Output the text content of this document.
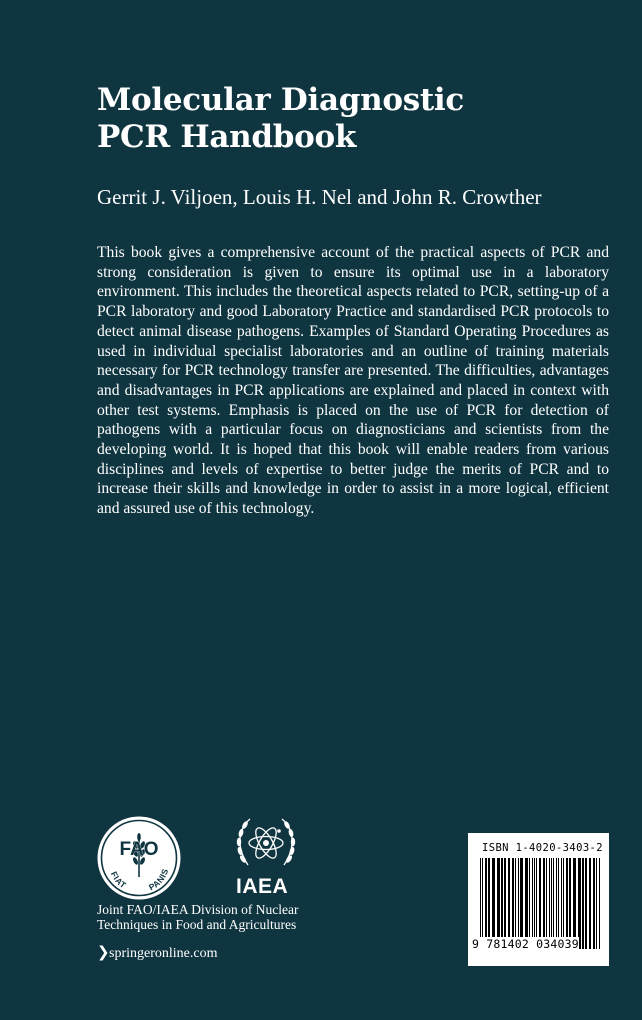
Molecular Diagnostic
PCR Handbook

Gerrit J. Viljoen, Louis H. Nel and John R. Crowther

This book gives a comprehensive account of the practical aspects of PCR and strong consideration is given to ensure its optimal use in a laboratory environment. This includes the theoretical aspects related to PCR, setting-up of a PCR laboratory and good Laboratory Practice and standardised PCR protocols to detect animal disease pathogens. Examples of Standard Operating Procedures as used in individual specialist laboratories and an outline of training materials necessary for PCR technology transfer are presented. The difficulties, advantages and disadvantages in PCR applications are explained and placed in context with other test systems. Emphasis is placed on the use of PCR for detection of pathogens with a particular focus on diagnosticians and scientists from the developing world. It is hoped that this book will enable readers from various disciplines and levels of expertise to better judge the merits of PCR and to increase their skills and knowledge in order to assist in a more logical, efficient and assured use of this technology.

FAO
FIAT PANIS

IAEA

Joint FAO/IAEA Division of Nuclear
Techniques in Food and Agricultures

❯springeronline.com
ISBN 1-4020-3403-2
9 781402 034039
